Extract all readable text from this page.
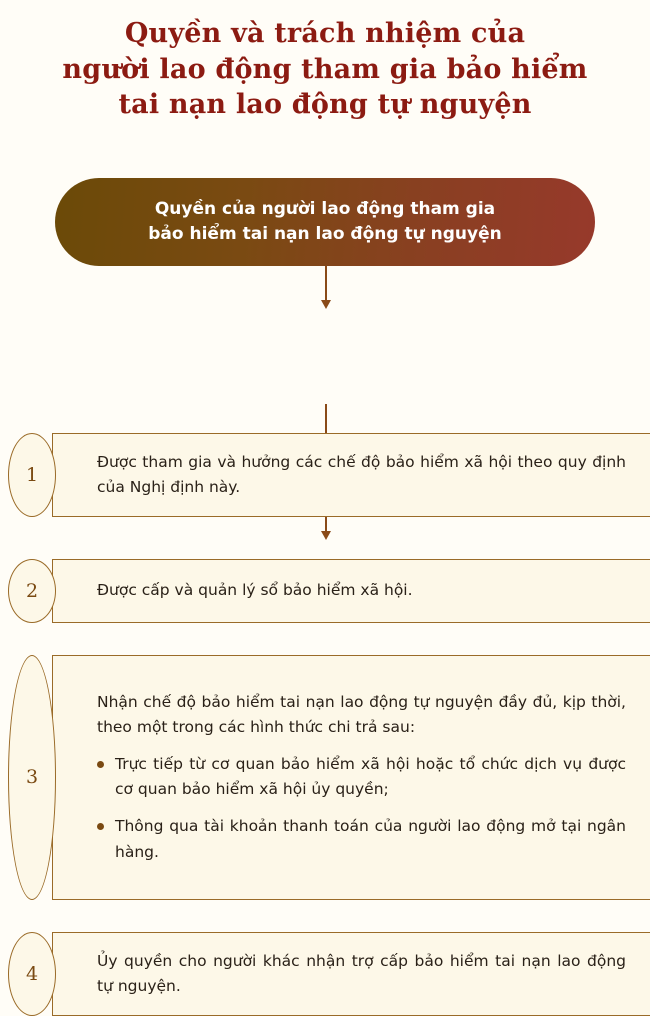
Quyền và trách nhiệm của
người lao động tham gia bảo hiểm
tai nạn lao động tự nguyện
Quyền của người lao động tham gia
bảo hiểm tai nạn lao động tự nguyện

Được tham gia và hưởng các chế độ bảo hiểm xã hội theo quy định của Nghị định này.

1

Được cấp và quản lý sổ bảo hiểm xã hội.

2

Nhận chế độ bảo hiểm tai nạn lao động tự nguyện đầy đủ, kịp thời, theo một trong các hình thức chi trả sau:

Trực tiếp từ cơ quan bảo hiểm xã hội hoặc tổ chức dịch vụ được cơ quan bảo hiểm xã hội ủy quyền;
Thông qua tài khoản thanh toán của người lao động mở tại ngân hàng.
3

Ủy quyền cho người khác nhận trợ cấp bảo hiểm tai nạn lao động tự nguyện.

4
